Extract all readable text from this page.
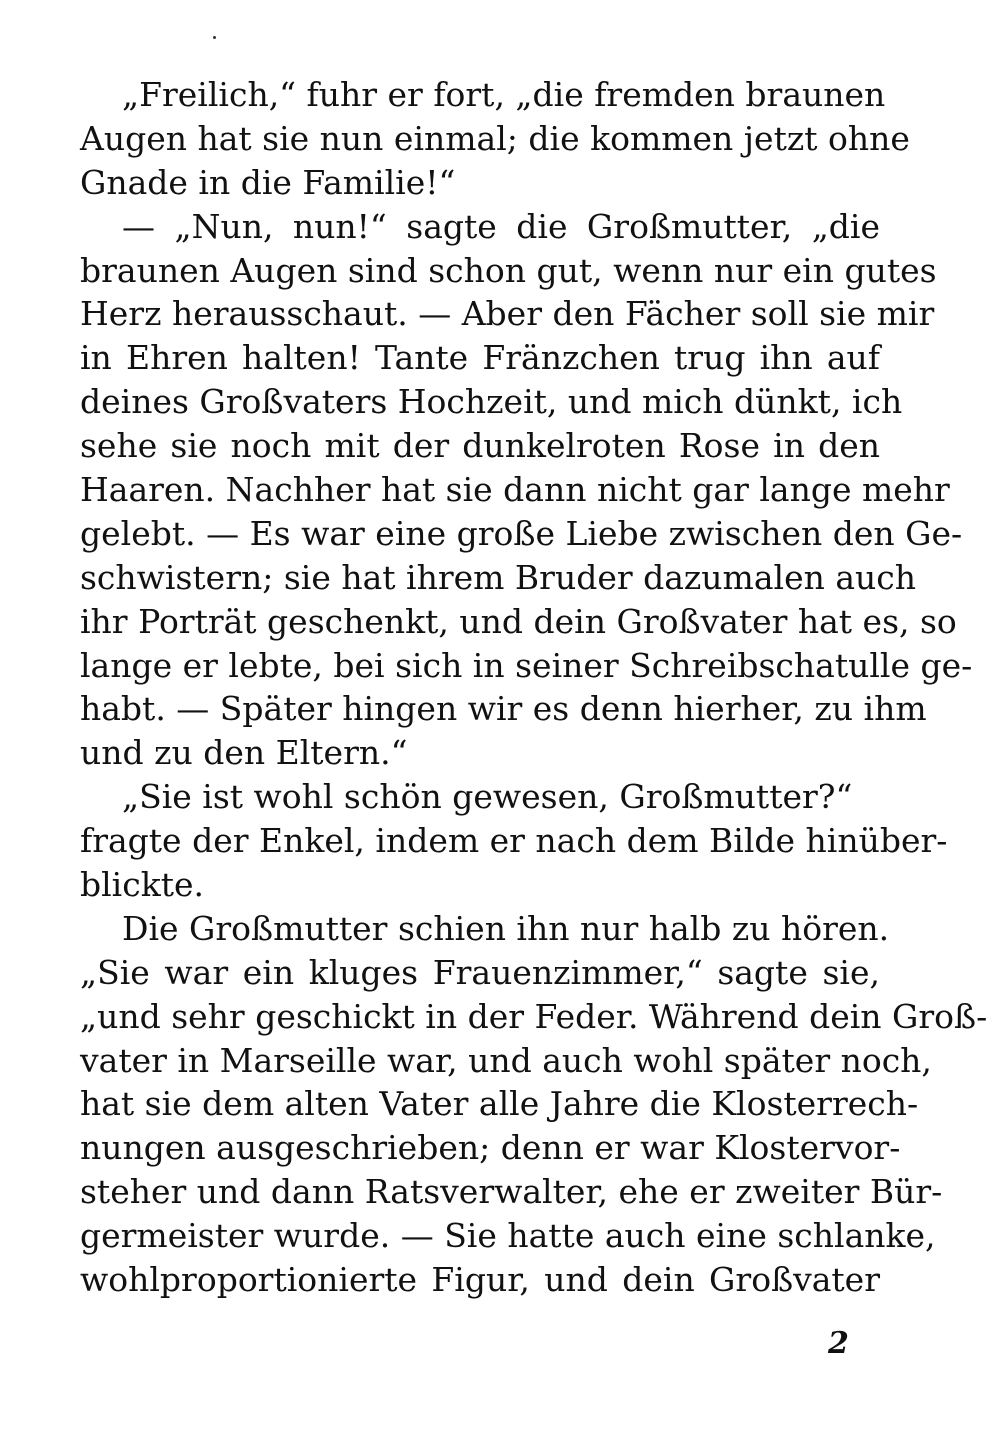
„Freilich,“ fuhr er fort, „die fremden braunen
Augen hat sie nun einmal; die kommen jetzt ohne
Gnade in die Familie!“
— „Nun, nun!“ sagte die Großmutter, „die
braunen Augen sind schon gut, wenn nur ein gutes
Herz herausschaut. — Aber den Fächer soll sie mir
in Ehren halten! Tante Fränzchen trug ihn auf
deines Großvaters Hochzeit, und mich dünkt, ich
sehe sie noch mit der dunkelroten Rose in den
Haaren. Nachher hat sie dann nicht gar lange mehr
gelebt. — Es war eine große Liebe zwischen den Ge-
schwistern; sie hat ihrem Bruder dazumalen auch
ihr Porträt geschenkt, und dein Großvater hat es, so
lange er lebte, bei sich in seiner Schreibschatulle ge-
habt. — Später hingen wir es denn hierher, zu ihm
und zu den Eltern.“
„Sie ist wohl schön gewesen, Großmutter?“
fragte der Enkel, indem er nach dem Bilde hinüber-
blickte.
Die Großmutter schien ihn nur halb zu hören.
„Sie war ein kluges Frauenzimmer,“ sagte sie,
„und sehr geschickt in der Feder. Während dein Groß-
vater in Marseille war, und auch wohl später noch,
hat sie dem alten Vater alle Jahre die Klosterrech-
nungen ausgeschrieben; denn er war Klostervor-
steher und dann Ratsverwalter, ehe er zweiter Bür-
germeister wurde. — Sie hatte auch eine schlanke,
wohlproportionierte Figur, und dein Großvater
2
